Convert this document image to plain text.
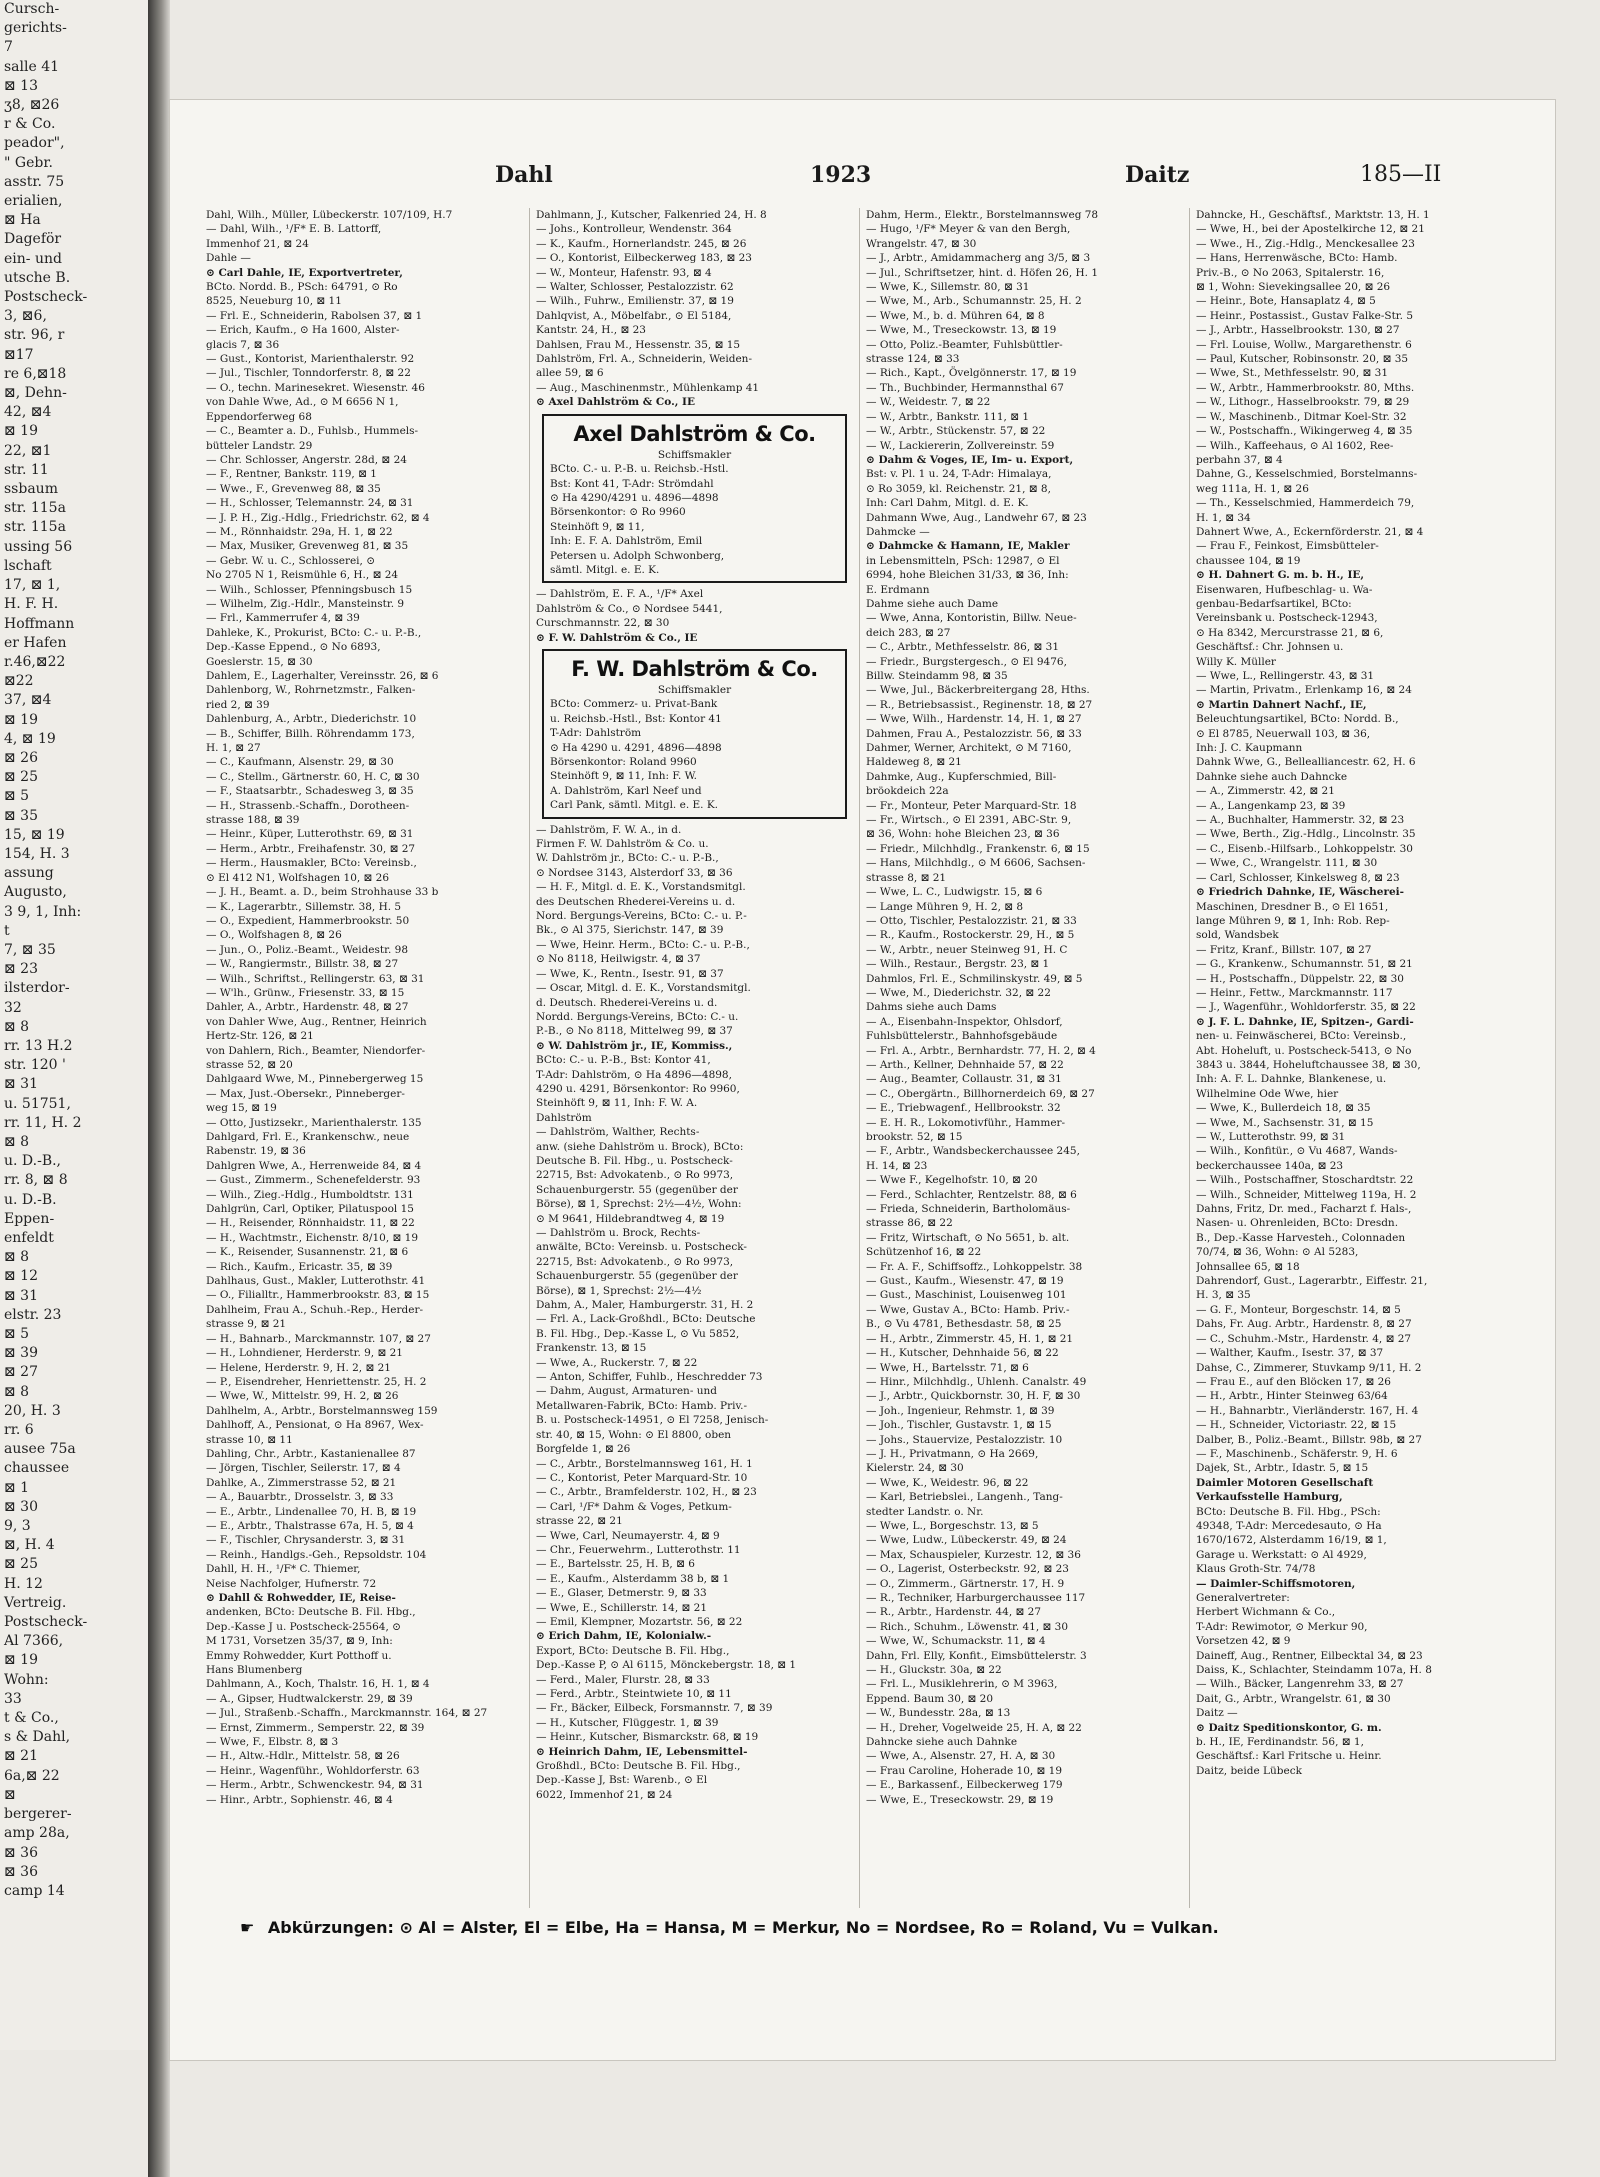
Cursch-
gerichts-
7
salle 41
⊠ 13
ʒ8, ⊠26
r & Co.
peador",
" Gebr.
asstr. 75
erialien,
⊠ Ha
Dageför
ein- und
utsche B.
Postscheck-
3, ⊠6,
str. 96, r
⊠17
re 6,⊠18
⊠, Dehn-
42, ⊠4
⊠ 19
22, ⊠1
str. 11
ssbaum
str. 115a
str. 115a
ussing 56
lschaft
17, ⊠ 1,
H. F. H.
Hoffmann
er Hafen
r.46,⊠22
⊠22
37, ⊠4
⊠ 19
4, ⊠ 19
⊠ 26
⊠ 25
⊠ 5
⊠ 35
15, ⊠ 19
154, H. 3
assung
Augusto,
3 9, 1, Inh:
t
7, ⊠ 35
⊠ 23
ilsterdor-
32
⊠ 8
rr. 13 H.2
str. 120 '
⊠ 31
u. 51751,
rr. 11, H. 2
⊠ 8
u. D.-B.,
rr. 8, ⊠ 8
u. D.-B.
Eppen-
enfeldt
⊠ 8
⊠ 12
⊠ 31
elstr. 23
⊠ 5
⊠ 39
⊠ 27
⊠ 8
20, H. 3
rr. 6
ausee 75a
chaussee
⊠ 1
⊠ 30
9, 3
⊠, H. 4
⊠ 25
H. 12
Vertreig.
Postscheck-
Al 7366,
⊠ 19
Wohn:
33
t & Co.,
s & Dahl,
⊠ 21
6a,⊠ 22
⊠
bergerer-
amp 28a,
⊠ 36
⊠ 36
camp 14
Dahl	1923	Daitz	185—II
Dahl, Wilh., Müller, Lübeckerstr. 107/109, H.7
— Dahl, Wilh., ¹/F* E. B. Lattorff,
Immenhof 21, ⊠ 24
Dahle —
⊙ Carl Dahle, IE, Exportvertreter,
BCto. Nordd. B., PSch: 64791, ⊙ Ro
8525, Neueburg 10, ⊠ 11
— Frl. E., Schneiderin, Rabolsen 37, ⊠ 1
— Erich, Kaufm., ⊙ Ha 1600, Alster-
glacis 7, ⊠ 36
— Gust., Kontorist, Marienthalerstr. 92
— Jul., Tischler, Tonndorferstr. 8, ⊠ 22
— O., techn. Marinesekret. Wiesenstr. 46
von Dahle Wwe, Ad., ⊙ M 6656 N 1,
Eppendorferweg 68
— C., Beamter a. D., Fuhlsb., Hummels-
bütteler Landstr. 29
— Chr. Schlosser, Angerstr. 28d, ⊠ 24
— F., Rentner, Bankstr. 119, ⊠ 1
— Wwe., F., Grevenweg 88, ⊠ 35
— H., Schlosser, Telemannstr. 24, ⊠ 31
— J. P. H., Zig.-Hdlg., Friedrichstr. 62, ⊠ 4
— M., Rönnhaidstr. 29a, H. 1, ⊠ 22
— Max, Musiker, Grevenweg 81, ⊠ 35
— Gebr. W. u. C., Schlosserei, ⊙
No 2705 N 1, Reismühle 6, H., ⊠ 24
— Wilh., Schlosser, Pfenningsbusch 15
— Wilhelm, Zig.-Hdlr., Mansteinstr. 9
— Frl., Kammerrufer 4, ⊠ 39
Dahleke, K., Prokurist, BCto: C.- u. P.-B.,
Dep.-Kasse Eppend., ⊙ No 6893,
Goeslerstr. 15, ⊠ 30
Dahlem, E., Lagerhalter, Vereinsstr. 26, ⊠ 6
Dahlenborg, W., Rohrnetzmstr., Falken-
ried 2, ⊠ 39
Dahlenburg, A., Arbtr., Diederichstr. 10
— B., Schiffer, Billh. Röhrendamm 173,
H. 1, ⊠ 27
— C., Kaufmann, Alsenstr. 29, ⊠ 30
— C., Stellm., Gärtnerstr. 60, H. C, ⊠ 30
— F., Staatsarbtr., Schadesweg 3, ⊠ 35
— H., Strassenb.-Schaffn., Dorotheen-
strasse 188, ⊠ 39
— Heinr., Küper, Lutterothstr. 69, ⊠ 31
— Herm., Arbtr., Freihafenstr. 30, ⊠ 27
— Herm., Hausmakler, BCto: Vereinsb.,
⊙ El 412 N1, Wolfshagen 10, ⊠ 26
— J. H., Beamt. a. D., beim Strohhause 33 b
— K., Lagerarbtr., Sillemstr. 38, H. 5
— O., Expedient, Hammerbrookstr. 50
— O., Wolfshagen 8, ⊠ 26
— Jun., O., Poliz.-Beamt., Weidestr. 98
— W., Rangiermstr., Billstr. 38, ⊠ 27
— Wilh., Schriftst., Rellingerstr. 63, ⊠ 31
— W'lh., Grünw., Friesenstr. 33, ⊠ 15
Dahler, A., Arbtr., Hardenstr. 48, ⊠ 27
von Dahler Wwe, Aug., Rentner, Heinrich
Hertz-Str. 126, ⊠ 21
von Dahlern, Rich., Beamter, Niendorfer-
strasse 52, ⊠ 20
Dahlgaard Wwe, M., Pinnebergerweg 15
— Max, Just.-Obersekr., Pinneberger-
weg 15, ⊠ 19
— Otto, Justizsekr., Marienthalerstr. 135
Dahlgard, Frl. E., Krankenschw., neue
Rabenstr. 19, ⊠ 36
Dahlgren Wwe, A., Herrenweide 84, ⊠ 4
— Gust., Zimmerm., Schenefelderstr. 93
— Wilh., Zieg.-Hdlg., Humboldtstr. 131
Dahlgrün, Carl, Optiker, Pilatuspool 15
— H., Reisender, Rönnhaidstr. 11, ⊠ 22
— H., Wachtmstr., Eichenstr. 8/10, ⊠ 19
— K., Reisender, Susannenstr. 21, ⊠ 6
— Rich., Kaufm., Ericastr. 35, ⊠ 39
Dahlhaus, Gust., Makler, Lutterothstr. 41
— O., Filialltr., Hammerbrookstr. 83, ⊠ 15
Dahlheim, Frau A., Schuh.-Rep., Herder-
strasse 9, ⊠ 21
— H., Bahnarb., Marckmannstr. 107, ⊠ 27
— H., Lohndiener, Herderstr. 9, ⊠ 21
— Helene, Herderstr. 9, H. 2, ⊠ 21
— P., Eisendreher, Henriettenstr. 25, H. 2
— Wwe, W., Mittelstr. 99, H. 2, ⊠ 26
Dahlhelm, A., Arbtr., Borstelmannsweg 159
Dahlhoff, A., Pensionat, ⊙ Ha 8967, Wex-
strasse 10, ⊠ 11
Dahling, Chr., Arbtr., Kastanienallee 87
— Jörgen, Tischler, Seilerstr. 17, ⊠ 4
Dahlke, A., Zimmerstrasse 52, ⊠ 21
— A., Bauarbtr., Drosselstr. 3, ⊠ 33
— E., Arbtr., Lindenallee 70, H. B, ⊠ 19
— E., Arbtr., Thalstrasse 67a, H. 5, ⊠ 4
— F., Tischler, Chrysanderstr. 3, ⊠ 31
— Reinh., Handlgs.-Geh., Repsoldstr. 104
Dahll, H. H., ¹/F* C. Thiemer,
Neise Nachfolger, Hufnerstr. 72
⊙ Dahll & Rohwedder, IE, Reise-
andenken, BCto: Deutsche B. Fil. Hbg.,
Dep.-Kasse J u. Postscheck-25564, ⊙
M 1731, Vorsetzen 35/37, ⊠ 9, Inh:
Emmy Rohwedder, Kurt Potthoff u.
Hans Blumenberg
Dahlmann, A., Koch, Thalstr. 16, H. 1, ⊠ 4
— A., Gipser, Hudtwalckerstr. 29, ⊠ 39
— Jul., Straßenb.-Schaffn., Marckmannstr. 164, ⊠ 27
— Ernst, Zimmerm., Semperstr. 22, ⊠ 39
— Wwe, F., Elbstr. 8, ⊠ 3
— H., Altw.-Hdlr., Mittelstr. 58, ⊠ 26
— Heinr., Wagenführ., Wohldorferstr. 63
— Herm., Arbtr., Schwenckestr. 94, ⊠ 31
— Hinr., Arbtr., Sophienstr. 46, ⊠ 4
Dahlmann, J., Kutscher, Falkenried 24, H. 8
— Johs., Kontrolleur, Wendenstr. 364
— K., Kaufm., Hornerlandstr. 245, ⊠ 26
— O., Kontorist, Eilbeckerweg 183, ⊠ 23
— W., Monteur, Hafenstr. 93, ⊠ 4
— Walter, Schlosser, Pestalozzistr. 62
— Wilh., Fuhrw., Emilienstr. 37, ⊠ 19
Dahlqvist, A., Möbelfabr., ⊙ El 5184,
Kantstr. 24, H., ⊠ 23
Dahlsen, Frau M., Hessenstr. 35, ⊠ 15
Dahlström, Frl. A., Schneiderin, Weiden-
allee 59, ⊠ 6
— Aug., Maschinenmstr., Mühlenkamp 41
⊙ Axel Dahlström & Co., IE
Axel Dahlström & Co.
Schiffsmakler
BCto. C.- u. P.-B. u. Reichsb.-Hstl.
Bst: Kont 41, T-Adr: Strömdahl
⊙ Ha 4290/4291 u. 4896—4898
Börsenkontor: ⊙ Ro 9960
Steinhöft 9, ⊠ 11,
Inh: E. F. A. Dahlström, Emil
Petersen u. Adolph Schwonberg,
sämtl. Mitgl. e. E. K.
— Dahlström, E. F. A., ¹/F* Axel
Dahlström & Co., ⊙ Nordsee 5441,
Curschmannstr. 22, ⊠ 30
⊙ F. W. Dahlström & Co., IE
F. W. Dahlström & Co.
Schiffsmakler
BCto: Commerz- u. Privat-Bank
u. Reichsb.-Hstl., Bst: Kontor 41
T-Adr: Dahlström
⊙ Ha 4290 u. 4291, 4896—4898
Börsenkontor: Roland 9960
Steinhöft 9, ⊠ 11, Inh: F. W.
A. Dahlström, Karl Neef und
Carl Pank, sämtl. Mitgl. e. E. K.
— Dahlström, F. W. A., in d.
Firmen F. W. Dahlström & Co. u.
W. Dahlström jr., BCto: C.- u. P.-B.,
⊙ Nordsee 3143, Alsterdorf 33, ⊠ 36
— H. F., Mitgl. d. E. K., Vorstandsmitgl.
des Deutschen Rhederei-Vereins u. d.
Nord. Bergungs-Vereins, BCto: C.- u. P.-
Bk., ⊙ Al 375, Sierichstr. 147, ⊠ 39
— Wwe, Heinr. Herm., BCto: C.- u. P.-B.,
⊙ No 8118, Heilwigstr. 4, ⊠ 37
— Wwe, K., Rentn., Isestr. 91, ⊠ 37
— Oscar, Mitgl. d. E. K., Vorstandsmitgl.
d. Deutsch. Rhederei-Vereins u. d.
Nordd. Bergungs-Vereins, BCto: C.- u.
P.-B., ⊙ No 8118, Mittelweg 99, ⊠ 37
⊙ W. Dahlström jr., IE, Kommiss.,
BCto: C.- u. P.-B., Bst: Kontor 41,
T-Adr: Dahlström, ⊙ Ha 4896—4898,
4290 u. 4291, Börsenkontor: Ro 9960,
Steinhöft 9, ⊠ 11, Inh: F. W. A.
Dahlström
— Dahlström, Walther, Rechts-
anw. (siehe Dahlström u. Brock), BCto:
Deutsche B. Fil. Hbg., u. Postscheck-
22715, Bst: Advokatenb., ⊙ Ro 9973,
Schauenburgerstr. 55 (gegenüber der
Börse), ⊠ 1, Sprechst: 2½—4½, Wohn:
⊙ M 9641, Hildebrandtweg 4, ⊠ 19
— Dahlström u. Brock, Rechts-
anwälte, BCto: Vereinsb. u. Postscheck-
22715, Bst: Advokatenb., ⊙ Ro 9973,
Schauenburgerstr. 55 (gegenüber der
Börse), ⊠ 1, Sprechst: 2½—4½
Dahm, A., Maler, Hamburgerstr. 31, H. 2
— Frl. A., Lack-Großhdl., BCto: Deutsche
B. Fil. Hbg., Dep.-Kasse L, ⊙ Vu 5852,
Frankenstr. 13, ⊠ 15
— Wwe, A., Ruckerstr. 7, ⊠ 22
— Anton, Schiffer, Fuhlb., Heschredder 73
— Dahm, August, Armaturen- und
Metallwaren-Fabrik, BCto: Hamb. Priv.-
B. u. Postscheck-14951, ⊙ El 7258, Jenisch-
str. 40, ⊠ 15, Wohn: ⊙ El 8800, oben
Borgfelde 1, ⊠ 26
— C., Arbtr., Borstelmannsweg 161, H. 1
— C., Kontorist, Peter Marquard-Str. 10
— C., Arbtr., Bramfelderstr. 102, H., ⊠ 23
— Carl, ¹/F* Dahm & Voges, Petkum-
strasse 22, ⊠ 21
— Wwe, Carl, Neumayerstr. 4, ⊠ 9
— Chr., Feuerwehrm., Lutterothstr. 11
— E., Bartelsstr. 25, H. B, ⊠ 6
— E., Kaufm., Alsterdamm 38 b, ⊠ 1
— E., Glaser, Detmerstr. 9, ⊠ 33
— Wwe, E., Schillerstr. 14, ⊠ 21
— Emil, Klempner, Mozartstr. 56, ⊠ 22
⊙ Erich Dahm, IE, Kolonialw.-
Export, BCto: Deutsche B. Fil. Hbg.,
Dep.-Kasse P, ⊙ Al 6115, Mönckebergstr. 18, ⊠ 1
— Ferd., Maler, Flurstr. 28, ⊠ 33
— Ferd., Arbtr., Steintwiete 10, ⊠ 11
— Fr., Bäcker, Eilbeck, Forsmannstr. 7, ⊠ 39
— H., Kutscher, Flüggestr. 1, ⊠ 39
— Heinr., Kutscher, Bismarckstr. 68, ⊠ 19
⊙ Heinrich Dahm, IE, Lebensmittel-
Großhdl., BCto: Deutsche B. Fil. Hbg.,
Dep.-Kasse J, Bst: Warenb., ⊙ El
6022, Immenhof 21, ⊠ 24
Dahm, Herm., Elektr., Borstelmannsweg 78
— Hugo, ¹/F* Meyer & van den Bergh,
Wrangelstr. 47, ⊠ 30
— J., Arbtr., Amidammacherg ang 3/5, ⊠ 3
— Jul., Schriftsetzer, hint. d. Höfen 26, H. 1
— Wwe, K., Sillemstr. 80, ⊠ 31
— Wwe, M., Arb., Schumannstr. 25, H. 2
— Wwe, M., b. d. Mühren 64, ⊠ 8
— Wwe, M., Treseckowstr. 13, ⊠ 19
— Otto, Poliz.-Beamter, Fuhlsbüttler-
strasse 124, ⊠ 33
— Rich., Kapt., Övelgönnerstr. 17, ⊠ 19
— Th., Buchbinder, Hermannsthal 67
— W., Weidestr. 7, ⊠ 22
— W., Arbtr., Bankstr. 111, ⊠ 1
— W., Arbtr., Stückenstr. 57, ⊠ 22
— W., Lackiererin, Zollvereinstr. 59
⊙ Dahm & Voges, IE, Im- u. Export,
Bst: v. Pl. 1 u. 24, T-Adr: Himalaya,
⊙ Ro 3059, kl. Reichenstr. 21, ⊠ 8,
Inh: Carl Dahm, Mitgl. d. E. K.
Dahmann Wwe, Aug., Landwehr 67, ⊠ 23
Dahmcke —
⊙ Dahmcke & Hamann, IE, Makler
in Lebensmitteln, PSch: 12987, ⊙ El
6994, hohe Bleichen 31/33, ⊠ 36, Inh:
E. Erdmann
Dahme siehe auch Dame
— Wwe, Anna, Kontoristin, Billw. Neue-
deich 283, ⊠ 27
— C., Arbtr., Methfesselstr. 86, ⊠ 31
— Friedr., Burgstergesch., ⊙ El 9476,
Billw. Steindamm 98, ⊠ 35
— Wwe, Jul., Bäckerbreitergang 28, Hths.
— R., Betriebsassist., Reginenstr. 18, ⊠ 27
— Wwe, Wilh., Hardenstr. 14, H. 1, ⊠ 27
Dahmen, Frau A., Pestalozzistr. 56, ⊠ 33
Dahmer, Werner, Architekt, ⊙ M 7160,
Haldeweg 8, ⊠ 21
Dahmke, Aug., Kupferschmied, Bill-
bröokdeich 22a
— Fr., Monteur, Peter Marquard-Str. 18
— Fr., Wirtsch., ⊙ El 2391, ABC-Str. 9,
⊠ 36, Wohn: hohe Bleichen 23, ⊠ 36
— Friedr., Milchhdlg., Frankenstr. 6, ⊠ 15
— Hans, Milchhdlg., ⊙ M 6606, Sachsen-
strasse 8, ⊠ 21
— Wwe, L. C., Ludwigstr. 15, ⊠ 6
— Lange Mühren 9, H. 2, ⊠ 8
— Otto, Tischler, Pestalozzistr. 21, ⊠ 33
— R., Kaufm., Rostockerstr. 29, H., ⊠ 5
— W., Arbtr., neuer Steinweg 91, H. C
— Wilh., Restaur., Bergstr. 23, ⊠ 1
Dahmlos, Frl. E., Schmilinskystr. 49, ⊠ 5
— Wwe, M., Diederichstr. 32, ⊠ 22
Dahms siehe auch Dams
— A., Eisenbahn-Inspektor, Ohlsdorf,
Fuhlsbüttelerstr., Bahnhofsgebäude
— Frl. A., Arbtr., Bernhardstr. 77, H. 2, ⊠ 4
— Arth., Kellner, Dehnhaide 57, ⊠ 22
— Aug., Beamter, Collaustr. 31, ⊠ 31
— C., Obergärtn., Billhornerdeich 69, ⊠ 27
— E., Triebwagenf., Hellbrookstr. 32
— E. H. R., Lokomotivführ., Hammer-
brookstr. 52, ⊠ 15
— F., Arbtr., Wandsbeckerchaussee 245,
H. 14, ⊠ 23
— Wwe F., Kegelhofstr. 10, ⊠ 20
— Ferd., Schlachter, Rentzelstr. 88, ⊠ 6
— Frieda, Schneiderin, Bartholomäus-
strasse 86, ⊠ 22
— Fritz, Wirtschaft, ⊙ No 5651, b. alt.
Schützenhof 16, ⊠ 22
— Fr. A. F., Schiffsoffz., Lohkoppelstr. 38
— Gust., Kaufm., Wiesenstr. 47, ⊠ 19
— Gust., Maschinist, Louisenweg 101
— Wwe, Gustav A., BCto: Hamb. Priv.-
B., ⊙ Vu 4781, Bethesdastr. 58, ⊠ 25
— H., Arbtr., Zimmerstr. 45, H. 1, ⊠ 21
— H., Kutscher, Dehnhaide 56, ⊠ 22
— Wwe, H., Bartelsstr. 71, ⊠ 6
— Hinr., Milchhdlg., Uhlenh. Canalstr. 49
— J., Arbtr., Quickbornstr. 30, H. F, ⊠ 30
— Joh., Ingenieur, Rehmstr. 1, ⊠ 39
— Joh., Tischler, Gustavstr. 1, ⊠ 15
— Johs., Stauervize, Pestalozzistr. 10
— J. H., Privatmann, ⊙ Ha 2669,
Kielerstr. 24, ⊠ 30
— Wwe, K., Weidestr. 96, ⊠ 22
— Karl, Betriebslei., Langenh., Tang-
stedter Landstr. o. Nr.
— Wwe, L., Borgeschstr. 13, ⊠ 5
— Wwe, Ludw., Lübeckerstr. 49, ⊠ 24
— Max, Schauspieler, Kurzestr. 12, ⊠ 36
— O., Lagerist, Osterbeckstr. 92, ⊠ 23
— O., Zimmerm., Gärtnerstr. 17, H. 9
— R., Techniker, Harburgerchaussee 117
— R., Arbtr., Hardenstr. 44, ⊠ 27
— Rich., Schuhm., Löwenstr. 41, ⊠ 30
— Wwe, W., Schumackstr. 11, ⊠ 4
Dahn, Frl. Elly, Konfit., Eimsbüttelerstr. 3
— H., Gluckstr. 30a, ⊠ 22
— Frl. L., Musiklehrerin, ⊙ M 3963,
Eppend. Baum 30, ⊠ 20
— W., Bundesstr. 28a, ⊠ 13
— H., Dreher, Vogelweide 25, H. A, ⊠ 22
Dahncke siehe auch Dahnke
— Wwe, A., Alsenstr. 27, H. A, ⊠ 30
— Frau Caroline, Hoherade 10, ⊠ 19
— E., Barkassenf., Eilbeckerweg 179
— Wwe, E., Treseckowstr. 29, ⊠ 19
Dahncke, H., Geschäftsf., Marktstr. 13, H. 1
— Wwe, H., bei der Apostelkirche 12, ⊠ 21
— Wwe., H., Zig.-Hdlg., Menckesallee 23
— Hans, Herrenwäsche, BCto: Hamb.
Priv.-B., ⊙ No 2063, Spitalerstr. 16,
⊠ 1, Wohn: Sievekingsallee 20, ⊠ 26
— Heinr., Bote, Hansaplatz 4, ⊠ 5
— Heinr., Postassist., Gustav Falke-Str. 5
— J., Arbtr., Hasselbrookstr. 130, ⊠ 27
— Frl. Louise, Wollw., Margarethenstr. 6
— Paul, Kutscher, Robinsonstr. 20, ⊠ 35
— Wwe, St., Methfesselstr. 90, ⊠ 31
— W., Arbtr., Hammerbrookstr. 80, Mths.
— W., Lithogr., Hasselbrookstr. 79, ⊠ 29
— W., Maschinenb., Ditmar Koel-Str. 32
— W., Postschaffn., Wikingerweg 4, ⊠ 35
— Wilh., Kaffeehaus, ⊙ Al 1602, Ree-
perbahn 37, ⊠ 4
Dahne, G., Kesselschmied, Borstelmanns-
weg 111a, H. 1, ⊠ 26
— Th., Kesselschmied, Hammerdeich 79,
H. 1, ⊠ 34
Dahnert Wwe, A., Eckernförderstr. 21, ⊠ 4
— Frau F., Feinkost, Eimsbütteler-
chaussee 104, ⊠ 19
⊙ H. Dahnert G. m. b. H., IE,
Eisenwaren, Hufbeschlag- u. Wa-
genbau-Bedarfsartikel, BCto:
Vereinsbank u. Postscheck-12943,
⊙ Ha 8342, Mercurstrasse 21, ⊠ 6,
Geschäftsf.: Chr. Johnsen u.
Willy K. Müller
— Wwe, L., Rellingerstr. 43, ⊠ 31
— Martin, Privatm., Erlenkamp 16, ⊠ 24
⊙ Martin Dahnert Nachf., IE,
Beleuchtungsartikel, BCto: Nordd. B.,
⊙ El 8785, Neuerwall 103, ⊠ 36,
Inh: J. C. Kaupmann
Dahnk Wwe, G., Bellealliancestr. 62, H. 6
Dahnke siehe auch Dahncke
— A., Zimmerstr. 42, ⊠ 21
— A., Langenkamp 23, ⊠ 39
— A., Buchhalter, Hammerstr. 32, ⊠ 23
— Wwe, Berth., Zig.-Hdlg., Lincolnstr. 35
— C., Eisenb.-Hilfsarb., Lohkoppelstr. 30
— Wwe, C., Wrangelstr. 111, ⊠ 30
— Carl, Schlosser, Kinkelsweg 8, ⊠ 23
⊙ Friedrich Dahnke, IE, Wäscherei-
Maschinen, Dresdner B., ⊙ El 1651,
lange Mühren 9, ⊠ 1, Inh: Rob. Rep-
sold, Wandsbek
— Fritz, Kranf., Billstr. 107, ⊠ 27
— G., Krankenw., Schumannstr. 51, ⊠ 21
— H., Postschaffn., Düppelstr. 22, ⊠ 30
— Heinr., Fettw., Marckmannstr. 117
— J., Wagenführ., Wohldorferstr. 35, ⊠ 22
⊙ J. F. L. Dahnke, IE, Spitzen-, Gardi-
nen- u. Feinwäscherei, BCto: Vereinsb.,
Abt. Hoheluft, u. Postscheck-5413, ⊙ No
3843 u. 3844, Hoheluftchaussee 38, ⊠ 30,
Inh: A. F. L. Dahnke, Blankenese, u.
Wilhelmine Ode Wwe, hier
— Wwe, K., Bullerdeich 18, ⊠ 35
— Wwe, M., Sachsenstr. 31, ⊠ 15
— W., Lutterothstr. 99, ⊠ 31
— Wilh., Konfitür., ⊙ Vu 4687, Wands-
beckerchaussee 140a, ⊠ 23
— Wilh., Postschaffner, Stoschardtstr. 22
— Wilh., Schneider, Mittelweg 119a, H. 2
Dahns, Fritz, Dr. med., Facharzt f. Hals-,
Nasen- u. Ohrenleiden, BCto: Dresdn.
B., Dep.-Kasse Harvesteh., Colonnaden
70/74, ⊠ 36, Wohn: ⊙ Al 5283,
Johnsallee 65, ⊠ 18
Dahrendorf, Gust., Lagerarbtr., Eiffestr. 21,
H. 3, ⊠ 35
— G. F., Monteur, Borgeschstr. 14, ⊠ 5
Dahs, Fr. Aug. Arbtr., Hardenstr. 8, ⊠ 27
— C., Schuhm.-Mstr., Hardenstr. 4, ⊠ 27
— Walther, Kaufm., Isestr. 37, ⊠ 37
Dahse, C., Zimmerer, Stuvkamp 9/11, H. 2
— Frau E., auf den Blöcken 17, ⊠ 26
— H., Arbtr., Hinter Steinweg 63/64
— H., Bahnarbtr., Vierländerstr. 167, H. 4
— H., Schneider, Victoriastr. 22, ⊠ 15
Dalber, B., Poliz.-Beamt., Billstr. 98b, ⊠ 27
— F., Maschinenb., Schäferstr. 9, H. 6
Dajek, St., Arbtr., Idastr. 5, ⊠ 15
Daimler Motoren Gesellschaft
Verkaufsstelle Hamburg,
BCto: Deutsche B. Fil. Hbg., PSch:
49348, T-Adr: Mercedesauto, ⊙ Ha
1670/1672, Alsterdamm 16/19, ⊠ 1,
Garage u. Werkstatt: ⊙ Al 4929,
Klaus Groth-Str. 74/78
— Daimler-Schiffsmotoren,
Generalvertreter:
Herbert Wichmann & Co.,
T-Adr: Rewimotor, ⊙ Merkur 90,
Vorsetzen 42, ⊠ 9
Daineff, Aug., Rentner, Eilbecktal 34, ⊠ 23
Daiss, K., Schlachter, Steindamm 107a, H. 8
— Wilh., Bäcker, Langenrehm 33, ⊠ 27
Dait, G., Arbtr., Wrangelstr. 61, ⊠ 30
Daitz —
⊙ Daitz Speditionskontor, G. m.
b. H., IE, Ferdinandstr. 56, ⊠ 1,
Geschäftsf.: Karl Fritsche u. Heinr.
Daitz, beide Lübeck
☛ Abkürzungen: ⊙ Al = Alster, El = Elbe, Ha = Hansa, M = Merkur, No = Nordsee, Ro = Roland, Vu = Vulkan.
